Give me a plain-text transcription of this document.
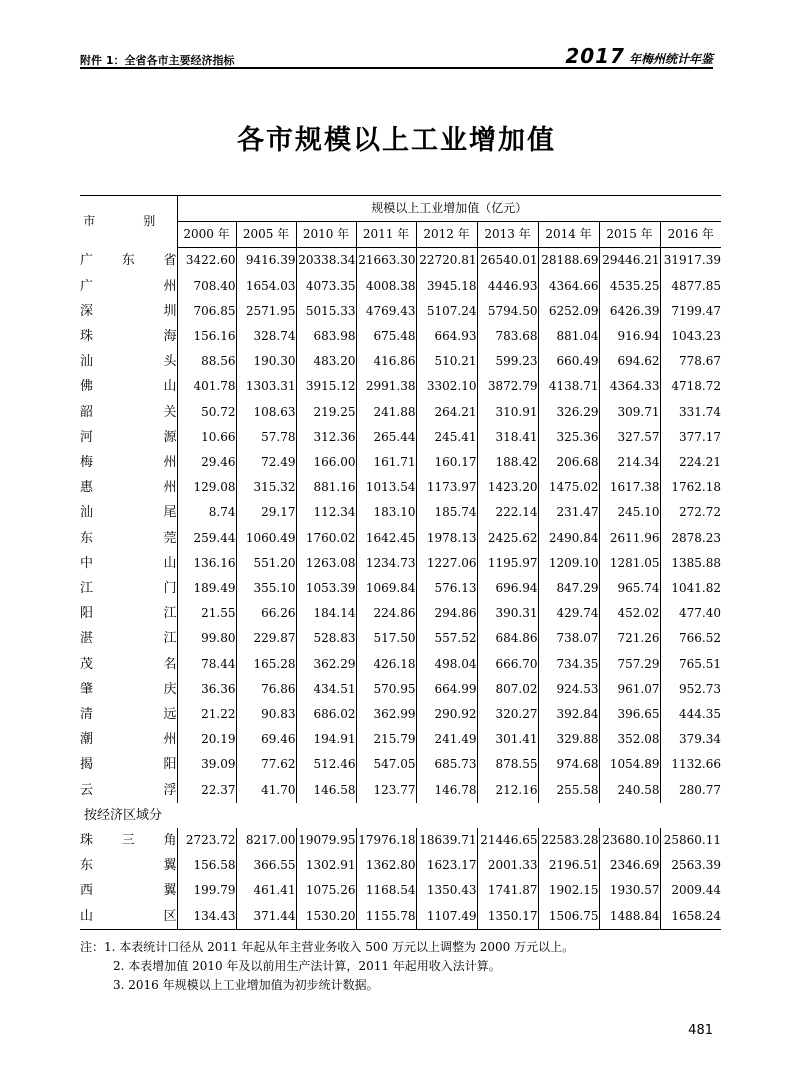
附件 1：全省各市主要经济指标	2017 年梅州统计年鉴
各市规模以上工业增加值
市　别	规模以上工业增加值（亿元）								
	2000 年	2005 年	2010 年	2011 年	2012 年	2013 年	2014 年	2015 年	2016 年
广东省	3422.60	9416.39	20338.34	21663.30	22720.81	26540.01	28188.69	29446.21	31917.39
广州	708.40	1654.03	4073.35	4008.38	3945.18	4446.93	4364.66	4535.25	4877.85
深圳	706.85	2571.95	5015.33	4769.43	5107.24	5794.50	6252.09	6426.39	7199.47
珠海	156.16	328.74	683.98	675.48	664.93	783.68	881.04	916.94	1043.23
汕头	88.56	190.30	483.20	416.86	510.21	599.23	660.49	694.62	778.67
佛山	401.78	1303.31	3915.12	2991.38	3302.10	3872.79	4138.71	4364.33	4718.72
韶关	50.72	108.63	219.25	241.88	264.21	310.91	326.29	309.71	331.74
河源	10.66	57.78	312.36	265.44	245.41	318.41	325.36	327.57	377.17
梅州	29.46	72.49	166.00	161.71	160.17	188.42	206.68	214.34	224.21
惠州	129.08	315.32	881.16	1013.54	1173.97	1423.20	1475.02	1617.38	1762.18
汕尾	8.74	29.17	112.34	183.10	185.74	222.14	231.47	245.10	272.72
东莞	259.44	1060.49	1760.02	1642.45	1978.13	2425.62	2490.84	2611.96	2878.23
中山	136.16	551.20	1263.08	1234.73	1227.06	1195.97	1209.10	1281.05	1385.88
江门	189.49	355.10	1053.39	1069.84	576.13	696.94	847.29	965.74	1041.82
阳江	21.55	66.26	184.14	224.86	294.86	390.31	429.74	452.02	477.40
湛江	99.80	229.87	528.83	517.50	557.52	684.86	738.07	721.26	766.52
茂名	78.44	165.28	362.29	426.18	498.04	666.70	734.35	757.29	765.51
肇庆	36.36	76.86	434.51	570.95	664.99	807.02	924.53	961.07	952.73
清远	21.22	90.83	686.02	362.99	290.92	320.27	392.84	396.65	444.35
潮州	20.19	69.46	194.91	215.79	241.49	301.41	329.88	352.08	379.34
揭阳	39.09	77.62	512.46	547.05	685.73	878.55	974.68	1054.89	1132.66
云浮	22.37	41.70	146.58	123.77	146.78	212.16	255.58	240.58	280.77
按经济区域分									
珠三角	2723.72	8217.00	19079.95	17976.18	18639.71	21446.65	22583.28	23680.10	25860.11
东翼	156.58	366.55	1302.91	1362.80	1623.17	2001.33	2196.51	2346.69	2563.39
西翼	199.79	461.41	1075.26	1168.54	1350.43	1741.87	1902.15	1930.57	2009.44
山区	134.43	371.44	1530.20	1155.78	1107.49	1350.17	1506.75	1488.84	1658.24
注：1. 本表统计口径从 2011 年起从年主营业务收入 500 万元以上调整为 2000 万元以上。
2. 本表增加值 2010 年及以前用生产法计算，2011 年起用收入法计算。
3. 2016 年规模以上工业增加值为初步统计数据。
481
